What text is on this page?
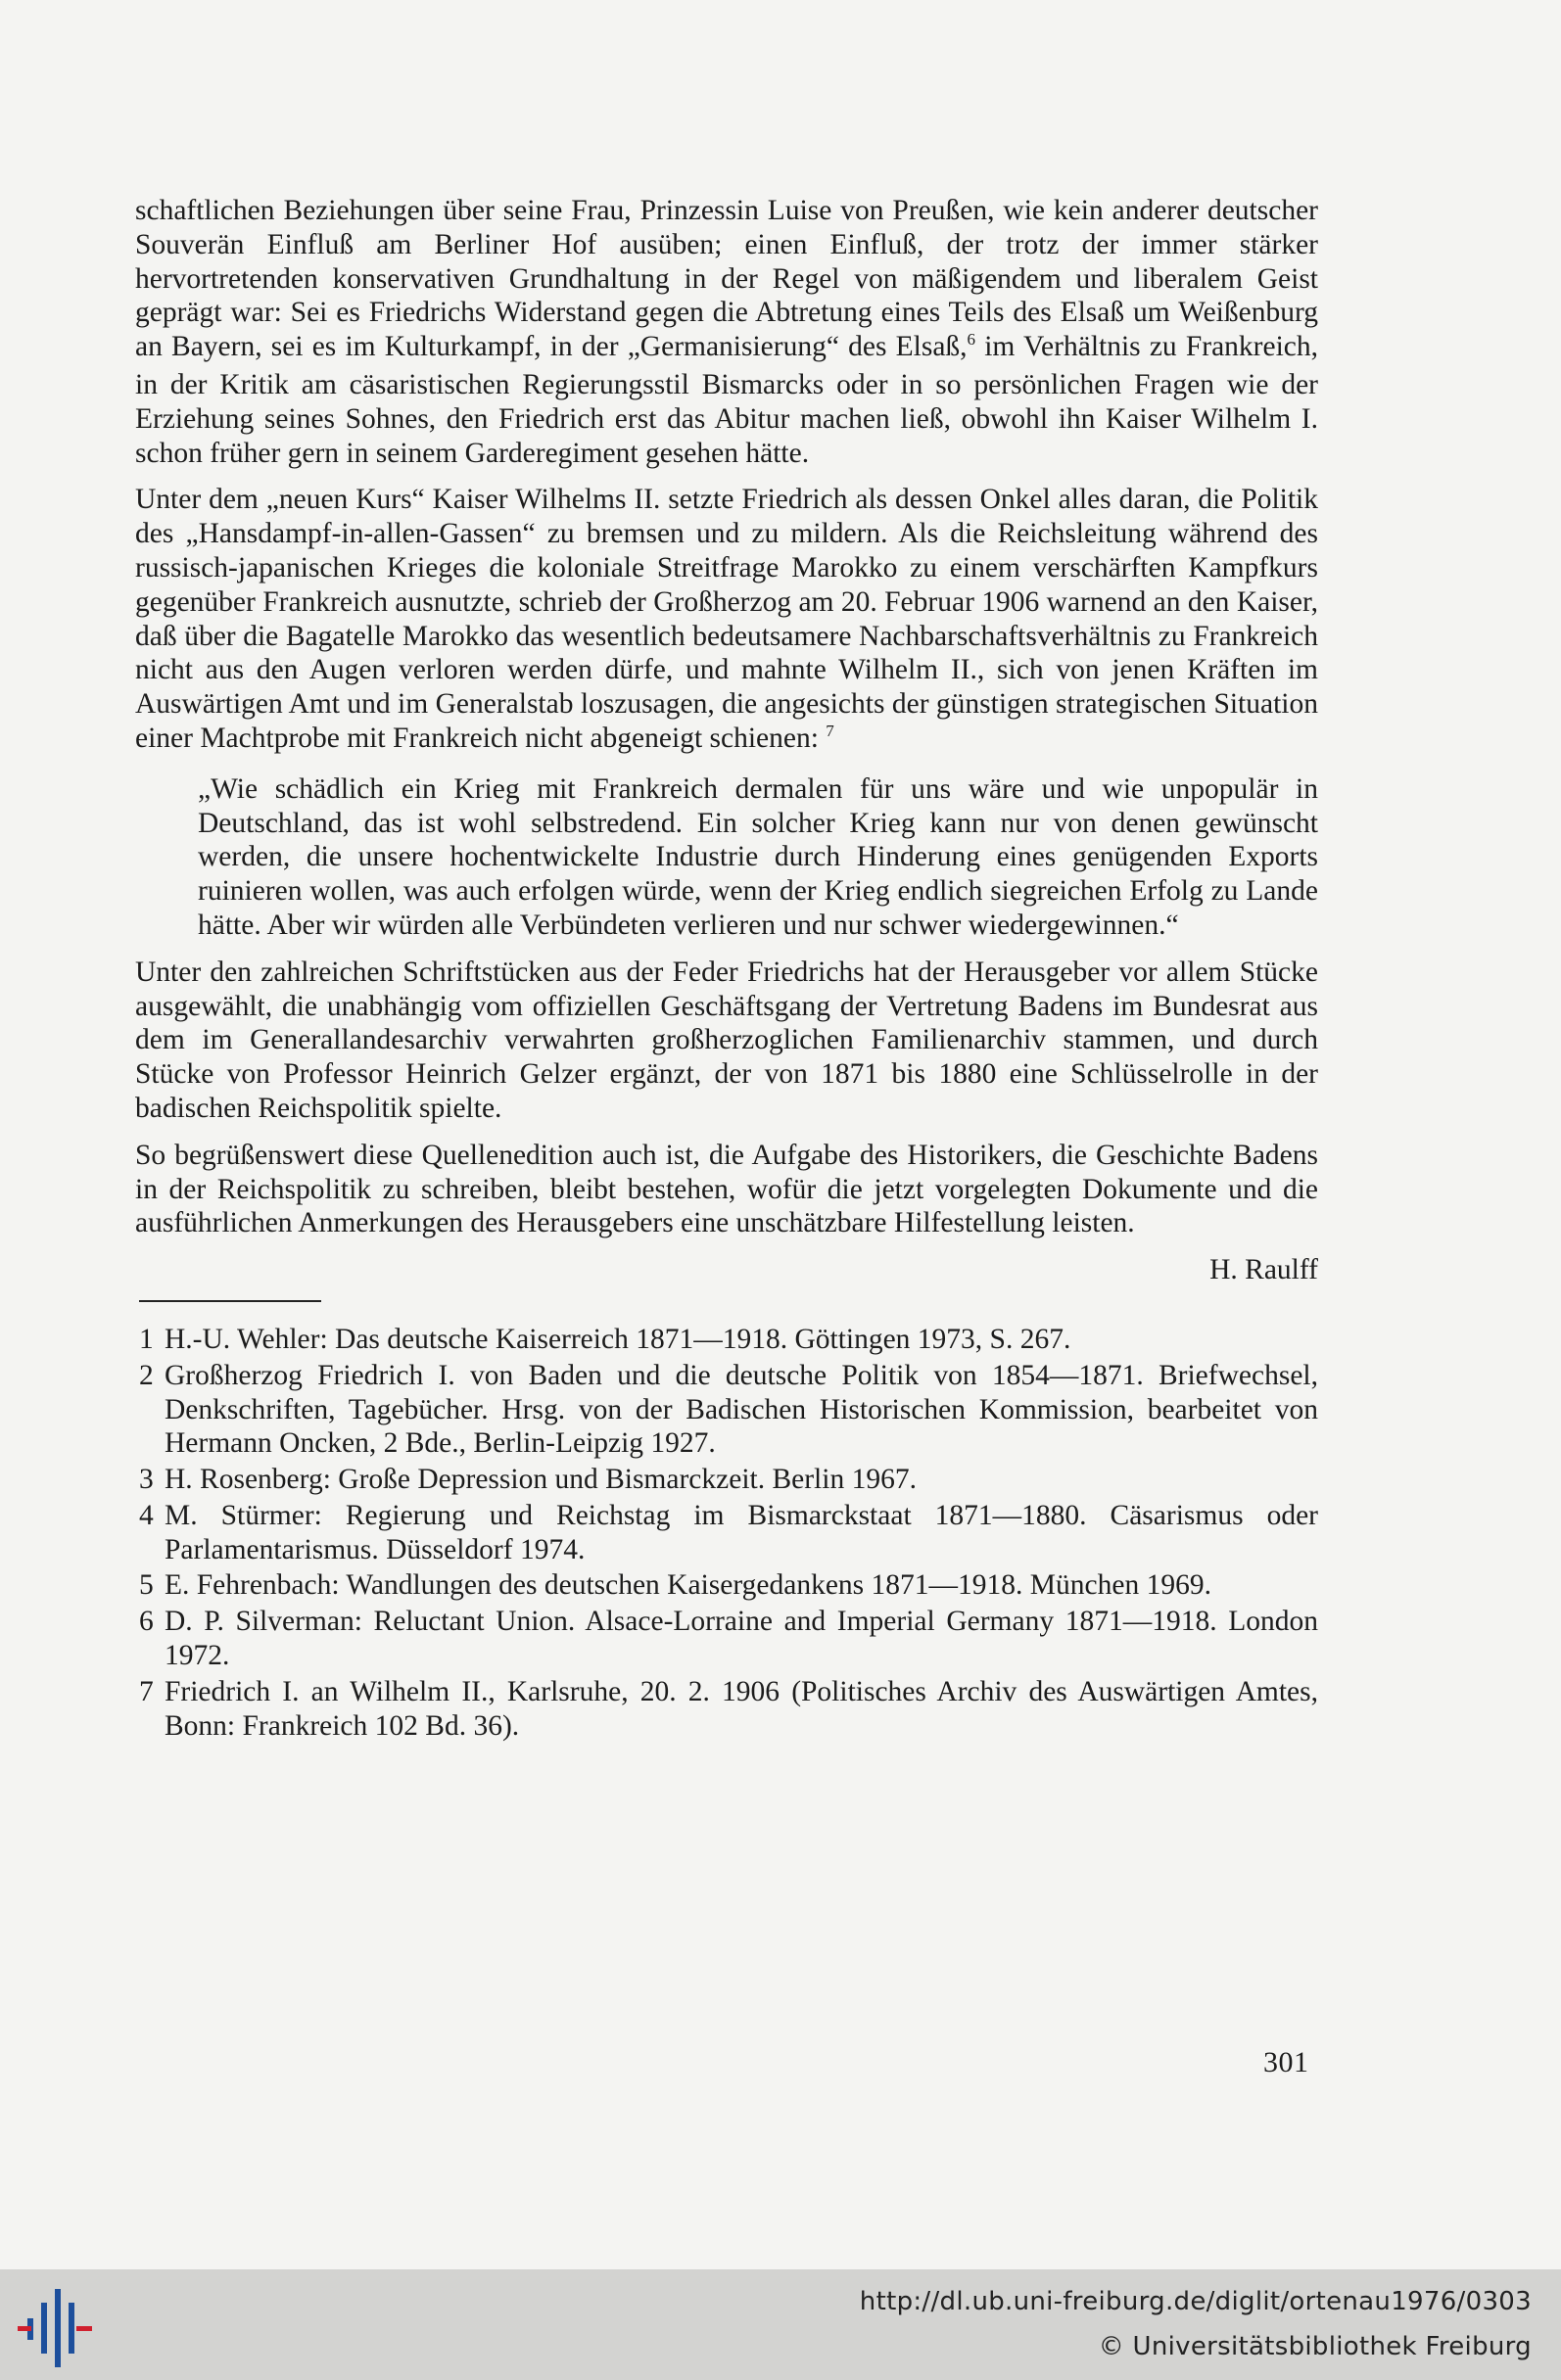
schaftlichen Beziehungen über seine Frau, Prinzessin Luise von Preußen, wie kein anderer deutscher Souverän Einfluß am Berliner Hof ausüben; einen Einfluß, der trotz der immer stärker hervortretenden konservativen Grundhaltung in der Regel von mäßigendem und liberalem Geist geprägt war: Sei es Friedrichs Widerstand gegen die Abtretung eines Teils des Elsaß um Weißenburg an Bayern, sei es im Kulturkampf, in der „Germanisierung“ des Elsaß,$^6$ im Verhältnis zu Frankreich, in der Kritik am cäsaristischen Regierungsstil Bismarcks oder in so persönlichen Fragen wie der Erziehung seines Sohnes, den Friedrich erst das Abitur machen ließ, obwohl ihn Kaiser Wilhelm I. schon früher gern in seinem Garderegiment gesehen hätte.

Unter dem „neuen Kurs“ Kaiser Wilhelms II. setzte Friedrich als dessen Onkel alles daran, die Politik des „Hansdampf-in-allen-Gassen“ zu bremsen und zu mildern. Als die Reichsleitung während des russisch-japanischen Krieges die koloniale Streitfrage Marokko zu einem verschärften Kampfkurs gegenüber Frankreich ausnutzte, schrieb der Großherzog am 20. Februar 1906 warnend an den Kaiser, daß über die Bagatelle Marokko das wesentlich bedeutsamere Nachbarschaftsverhältnis zu Frankreich nicht aus den Augen verloren werden dürfe, und mahnte Wilhelm II., sich von jenen Kräften im Auswärtigen Amt und im Generalstab loszusagen, die angesichts der günstigen strategischen Situation einer Machtprobe mit Frankreich nicht abgeneigt schienen: $^7$

„Wie schädlich ein Krieg mit Frankreich dermalen für uns wäre und wie unpopulär in Deutschland, das ist wohl selbstredend. Ein solcher Krieg kann nur von denen gewünscht werden, die unsere hochentwickelte Industrie durch Hinderung eines genügenden Exports ruinieren wollen, was auch erfolgen würde, wenn der Krieg endlich siegreichen Erfolg zu Lande hätte. Aber wir würden alle Verbündeten verlieren und nur schwer wiedergewinnen.“

Unter den zahlreichen Schriftstücken aus der Feder Friedrichs hat der Herausgeber vor allem Stücke ausgewählt, die unabhängig vom offiziellen Geschäftsgang der Vertretung Badens im Bundesrat aus dem im Generallandesarchiv verwahrten großherzoglichen Familienarchiv stammen, und durch Stücke von Professor Heinrich Gelzer ergänzt, der von 1871 bis 1880 eine Schlüsselrolle in der badischen Reichspolitik spielte.

So begrüßenswert diese Quellenedition auch ist, die Aufgabe des Historikers, die Geschichte Badens in der Reichspolitik zu schreiben, bleibt bestehen, wofür die jetzt vorgelegten Dokumente und die ausführlichen Anmerkungen des Herausgebers eine unschätzbare Hilfestellung leisten.

H. Raulff

1 H.-U. Wehler: Das deutsche Kaiserreich 1871—1918. Göttingen 1973, S. 267.
2 Großherzog Friedrich I. von Baden und die deutsche Politik von 1854—1871. Briefwechsel, Denkschriften, Tagebücher. Hrsg. von der Badischen Historischen Kommission, bearbeitet von Hermann Oncken, 2 Bde., Berlin-Leipzig 1927.
3 H. Rosenberg: Große Depression und Bismarckzeit. Berlin 1967.
4 M. Stürmer: Regierung und Reichstag im Bismarckstaat 1871—1880. Cäsarismus oder Parlamentarismus. Düsseldorf 1974.
5 E. Fehrenbach: Wandlungen des deutschen Kaisergedankens 1871—1918. München 1969.
6 D. P. Silverman: Reluctant Union. Alsace-Lorraine and Imperial Germany 1871—1918. London 1972.
7 Friedrich I. an Wilhelm II., Karlsruhe, 20. 2. 1906 (Politisches Archiv des Auswärtigen Amtes, Bonn: Frankreich 102 Bd. 36).
301
http://dl.ub.uni-freiburg.de/diglit/ortenau1976/0303
© Universitätsbibliothek Freiburg
